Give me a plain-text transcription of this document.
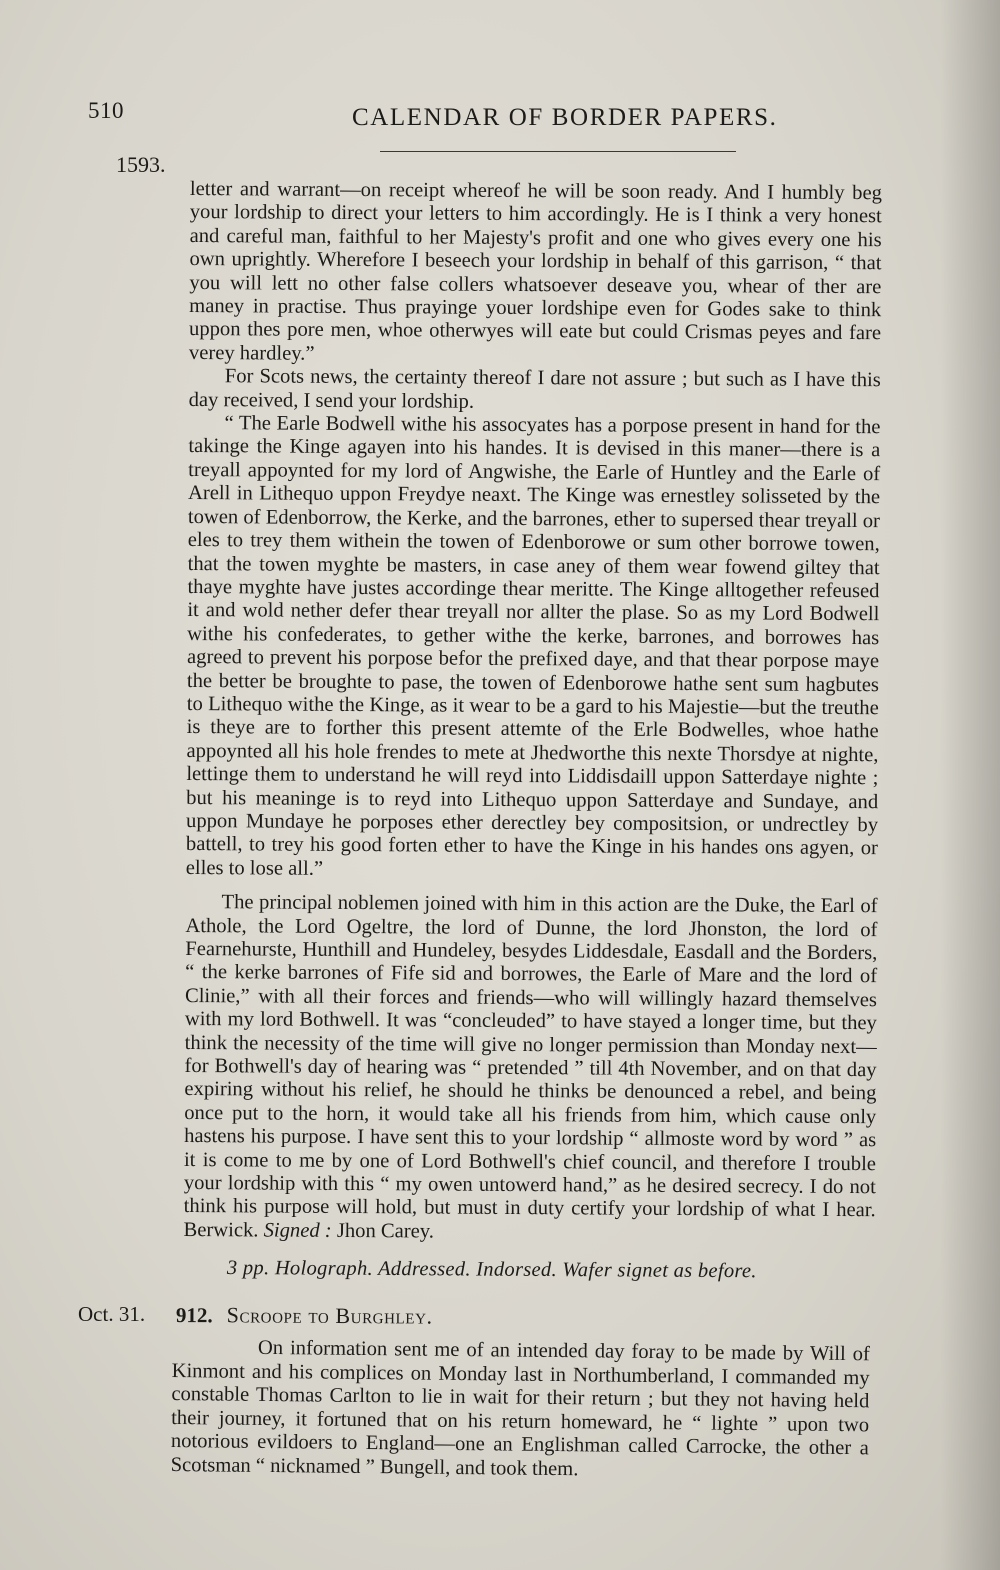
510	CALENDAR OF BORDER PAPERS.
1593.

letter and warrant—on receipt whereof he will be soon ready. And I humbly beg your lordship to direct your letters to him accordingly. He is I think a very honest and careful man, faithful to her Majesty's profit and one who gives every one his own uprightly. Wherefore I beseech your lordship in behalf of this garrison, “ that you will lett no other false collers whatsoever deseave you, whear of ther are maney in practise. Thus prayinge youer lordshipe even for Godes sake to think uppon thes pore men, whoe otherwyes will eate but could Crismas peyes and fare verey hardley.”

For Scots news, the certainty thereof I dare not assure ; but such as I have this day received, I send your lordship.

“ The Earle Bodwell withe his assocyates has a porpose present in hand for the takinge the Kinge agayen into his handes. It is devised in this maner—there is a treyall appoynted for my lord of Angwishe, the Earle of Huntley and the Earle of Arell in Lithequo uppon Freydye neaxt. The Kinge was ernestley solisseted by the towen of Edenborrow, the Kerke, and the barrones, ether to supersed thear treyall or eles to trey them withein the towen of Edenborowe or sum other borrowe towen, that the towen myghte be masters, in case aney of them wear fowend giltey that thaye myghte have justes accordinge thear meritte. The Kinge alltogether refeused it and wold nether defer thear treyall nor allter the plase. So as my Lord Bodwell withe his confederates, to gether withe the kerke, barrones, and borrowes has agreed to prevent his porpose befor the prefixed daye, and that thear porpose maye the better be broughte to pase, the towen of Edenborowe hathe sent sum hagbutes to Lithequo withe the Kinge, as it wear to be a gard to his Majestie—but the treuthe is theye are to forther this present attemte of the Erle Bodwelles, whoe hathe appoynted all his hole frendes to mete at Jhedworthe this nexte Thorsdye at nighte, lettinge them to understand he will reyd into Liddisdaill uppon Satterdaye nighte ; but his meaninge is to reyd into Lithequo uppon Satterdaye and Sundaye, and uppon Mundaye he porposes ether derectley bey compositsion, or undrectley by battell, to trey his good forten ether to have the Kinge in his handes ons agyen, or elles to lose all.”

The principal noblemen joined with him in this action are the Duke, the Earl of Athole, the Lord Ogeltre, the lord of Dunne, the lord Jhonston, the lord of Fearnehurste, Hunthill and Hundeley, besydes Liddesdale, Easdall and the Borders, “ the kerke barrones of Fife sid and borrowes, the Earle of Mare and the lord of Clinie,” with all their forces and friends—who will willingly hazard themselves with my lord Bothwell. It was “concleuded” to have stayed a longer time, but they think the necessity of the time will give no longer permission than Monday next—for Bothwell's day of hearing was “ pretended ” till 4th November, and on that day expiring without his relief, he should he thinks be denounced a rebel, and being once put to the horn, it would take all his friends from him, which cause only hastens his purpose. I have sent this to your lordship “ allmoste word by word ” as it is come to me by one of Lord Bothwell's chief council, and therefore I trouble your lordship with this “ my owen untowerd hand,” as he desired secrecy. I do not think his purpose will hold, but must in duty certify your lordship of what I hear. Berwick. Signed : Jhon Carey.

3 pp. Holograph. Addressed. Indorsed. Wafer signet as before.
Oct. 31. 912. Scroope to Burghley.

On information sent me of an intended day foray to be made by Will of Kinmont and his complices on Monday last in Northumberland, I commanded my constable Thomas Carlton to lie in wait for their return ; but they not having held their journey, it fortuned that on his return homeward, he “ lighte ” upon two notorious evildoers to England—one an Englishman called Carrocke, the other a Scotsman “ nicknamed ” Bungell, and took them.
